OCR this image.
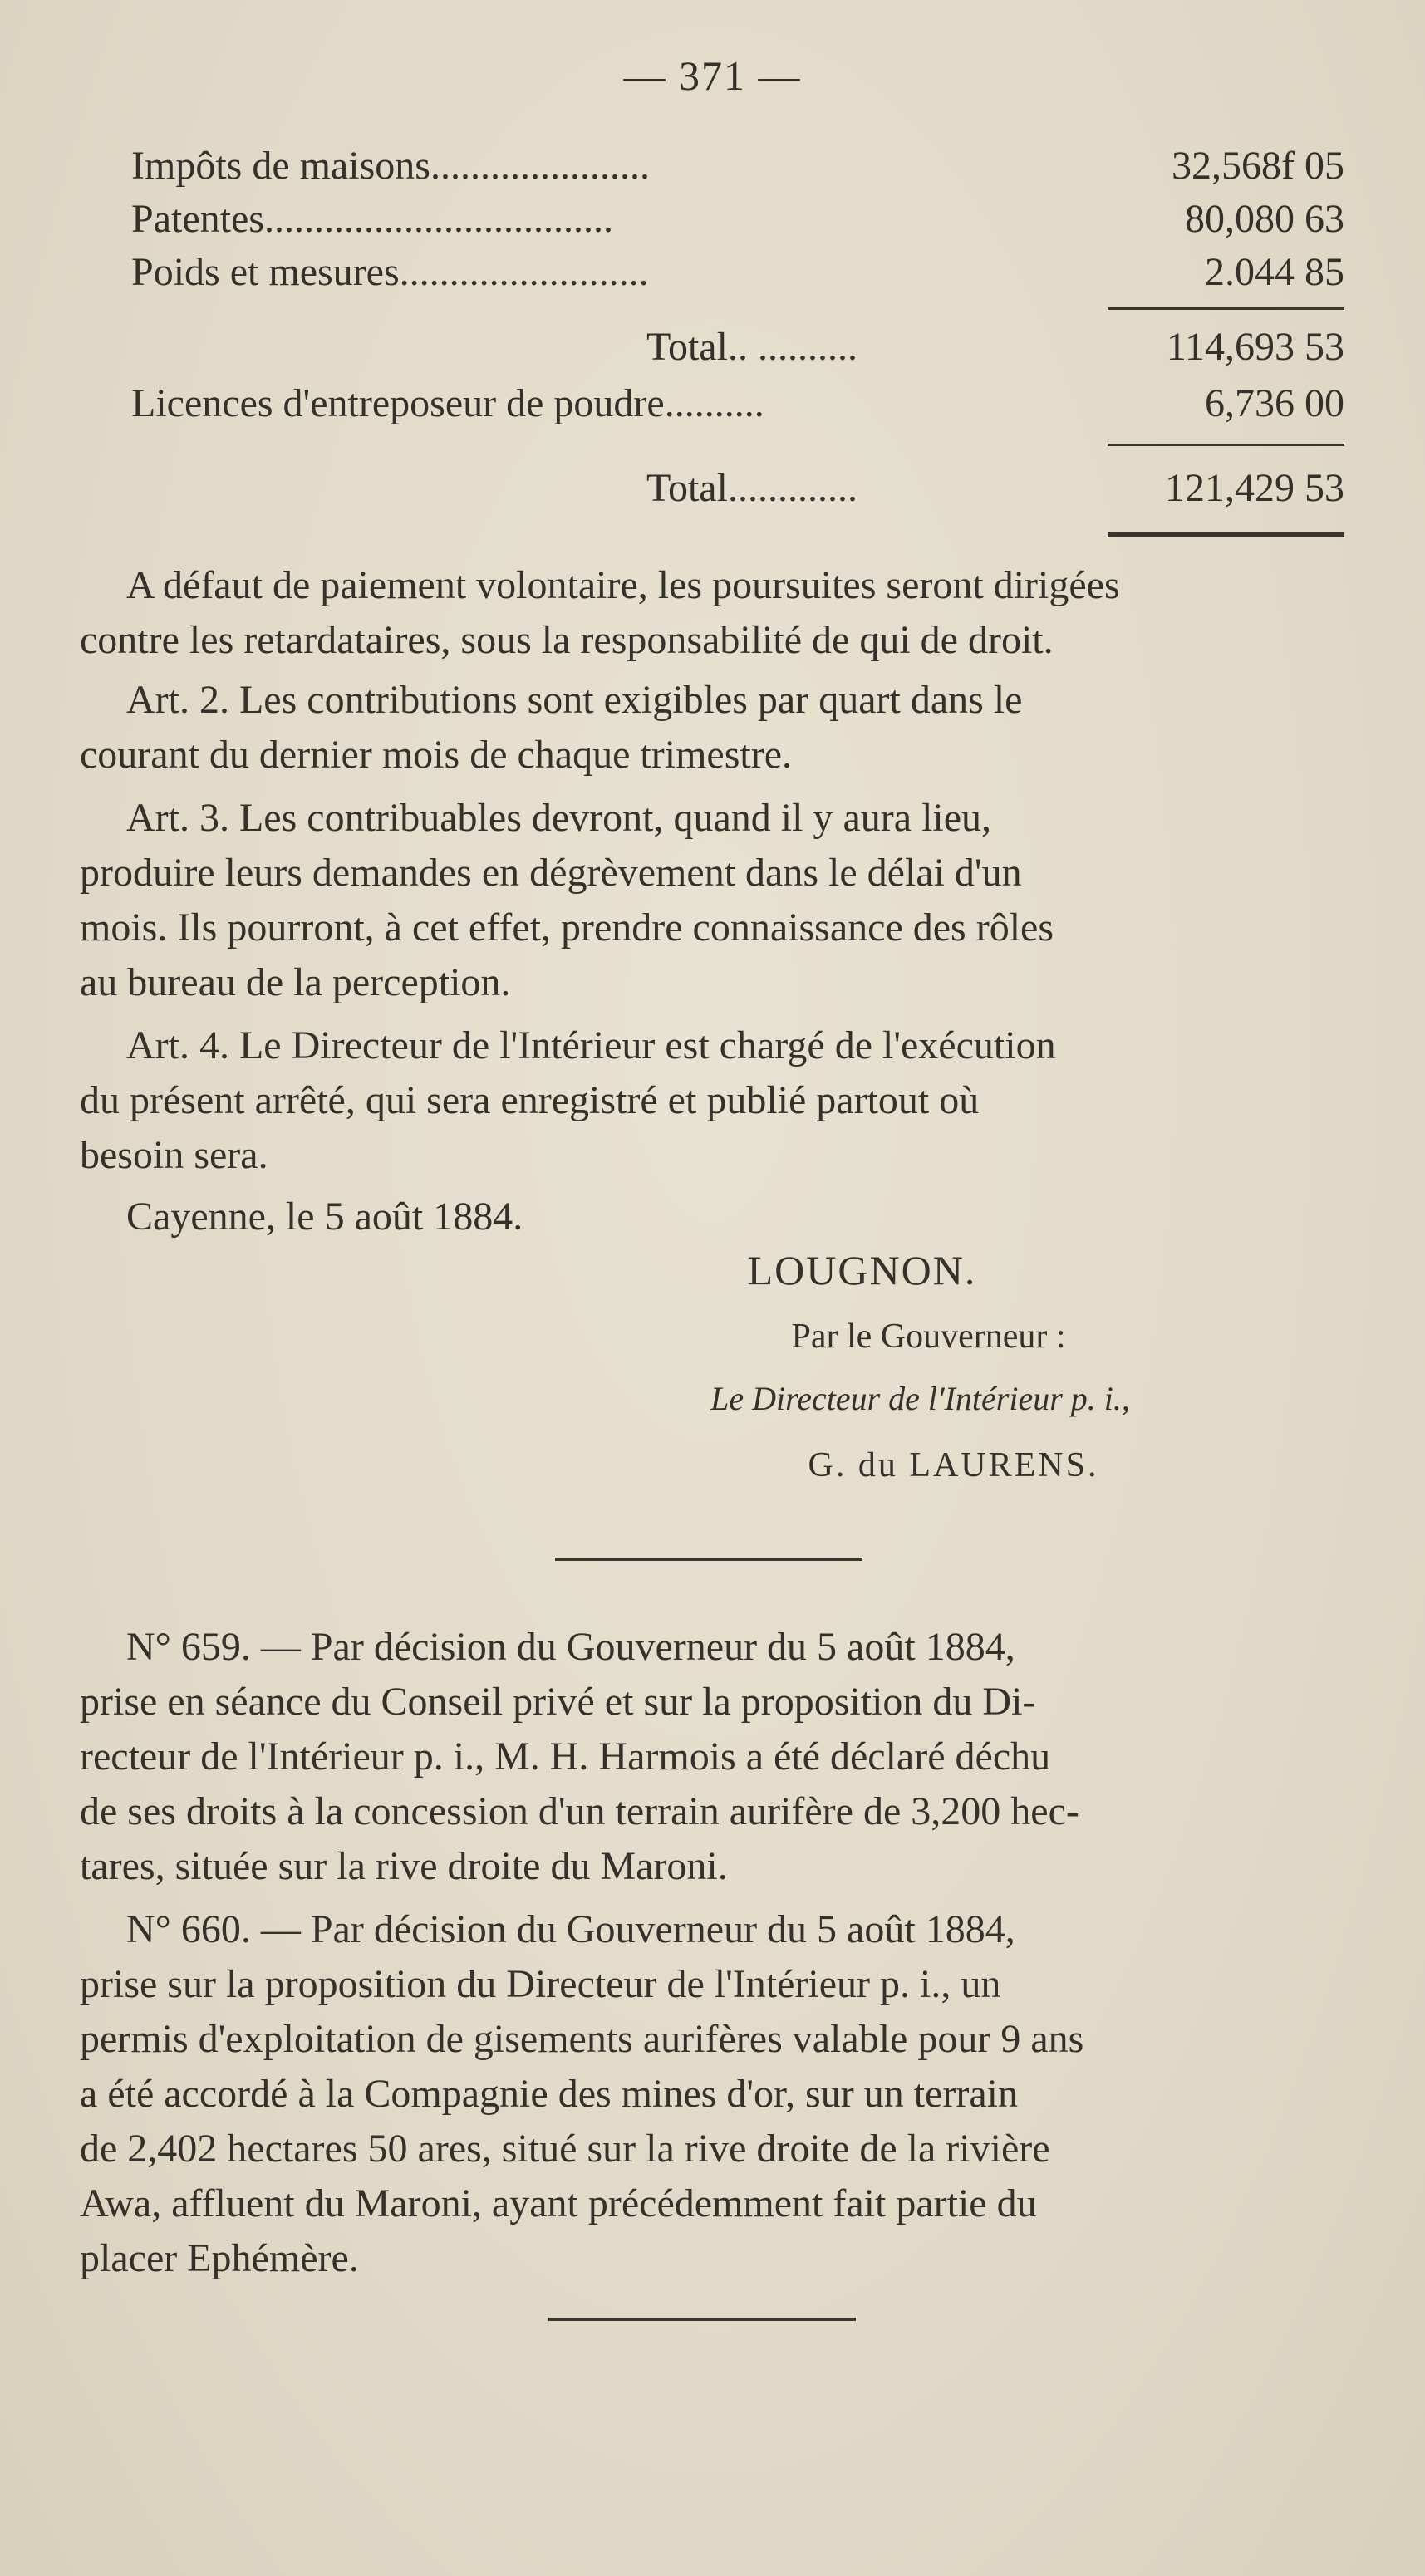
— 371 —
Impôts de maisons......................	32,568f 05
Patentes...................................	80,080 63
Poids et mesures.........................	2.044 85
Total.. ..........	114,693 53
Licences d'entreposeur de poudre..........	6,736 00
Total.............	121,429 53
A défaut de paiement volontaire, les poursuites seront dirigées
contre les retardataires, sous la responsabilité de qui de droit.
Art. 2. Les contributions sont exigibles par quart dans le
courant du dernier mois de chaque trimestre.
Art. 3. Les contribuables devront, quand il y aura lieu,
produire leurs demandes en dégrèvement dans le délai d'un
mois. Ils pourront, à cet effet, prendre connaissance des rôles
au bureau de la perception.
Art. 4. Le Directeur de l'Intérieur est chargé de l'exécution
du présent arrêté, qui sera enregistré et publié partout où
besoin sera.
Cayenne, le 5 août 1884.
LOUGNON.
Par le Gouverneur :
Le Directeur de l'Intérieur p. i.,
G. du LAURENS.
N° 659. — Par décision du Gouverneur du 5 août 1884,
prise en séance du Conseil privé et sur la proposition du Di-
recteur de l'Intérieur p. i., M. H. Harmois a été déclaré déchu
de ses droits à la concession d'un terrain aurifère de 3,200 hec-
tares, située sur la rive droite du Maroni.
N° 660. — Par décision du Gouverneur du 5 août 1884,
prise sur la proposition du Directeur de l'Intérieur p. i., un
permis d'exploitation de gisements aurifères valable pour 9 ans
a été accordé à la Compagnie des mines d'or, sur un terrain
de 2,402 hectares 50 ares, situé sur la rive droite de la rivière
Awa, affluent du Maroni, ayant précédemment fait partie du
placer Ephémère.
